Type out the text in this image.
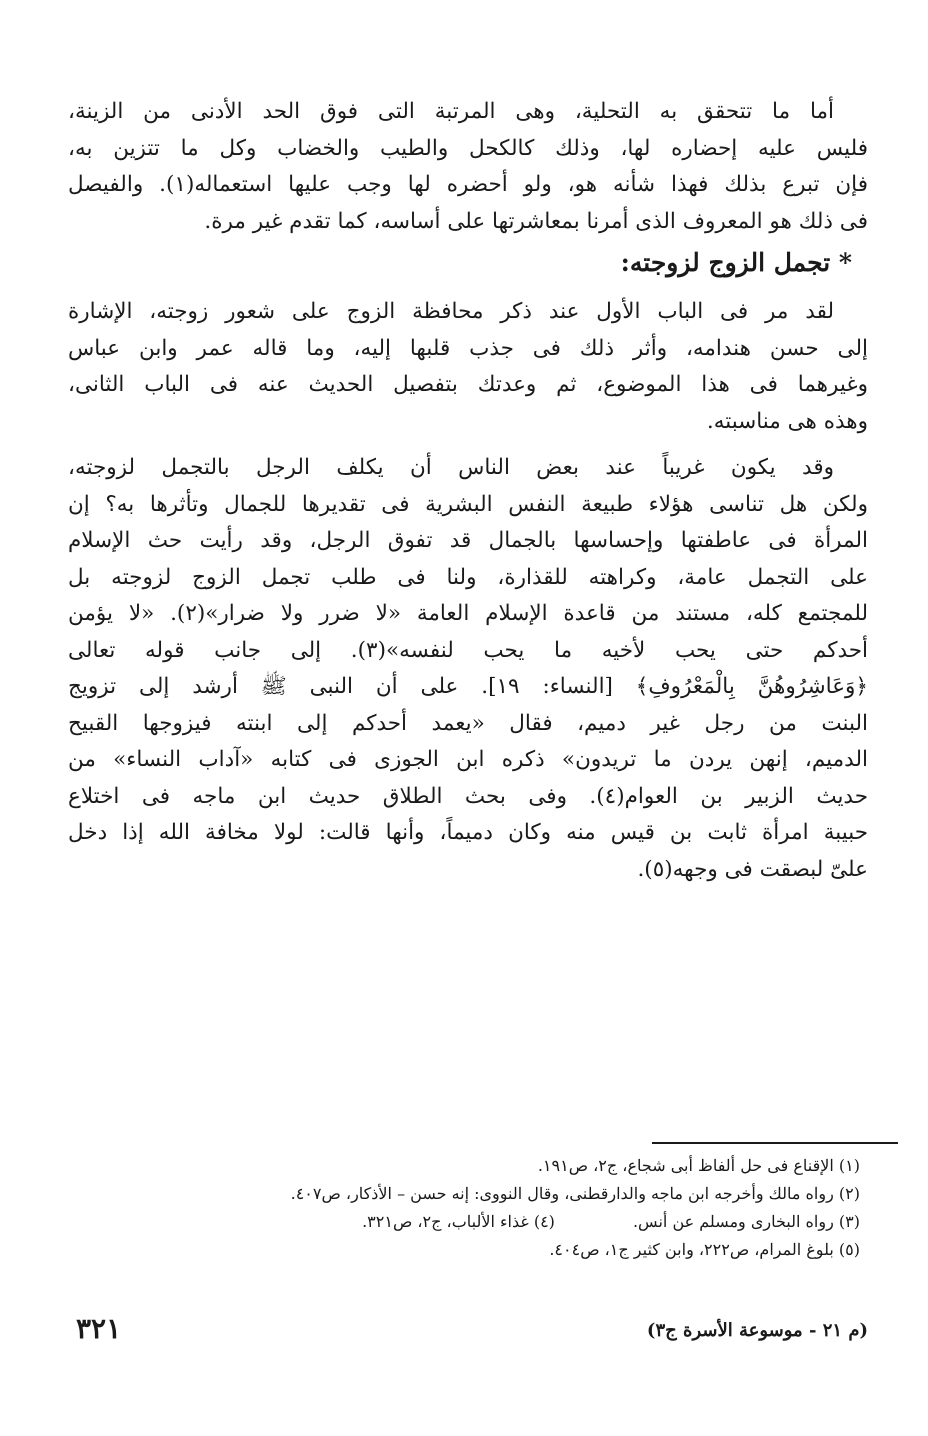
أما ما تتحقق به التحلية، وهى المرتبة التى فوق الحد الأدنى من الزينة،
فليس عليه إحضاره لها، وذلك كالكحل والطيب والخضاب وكل ما تتزين به،
فإن تبرع بذلك فهذا شأنه هو، ولو أحضره لها وجب عليها استعماله(١). والفيصل
فى ذلك هو المعروف الذى أمرنا بمعاشرتها على أساسه، كما تقدم غير مرة.
* تجمل الزوج لزوجته:
لقد مر فى الباب الأول عند ذكر محافظة الزوج على شعور زوجته، الإشارة
إلى حسن هندامه، وأثر ذلك فى جذب قلبها إليه، وما قاله عمر وابن عباس
وغيرهما فى هذا الموضوع، ثم وعدتك بتفصيل الحديث عنه فى الباب الثانى،
وهذه هى مناسبته.
وقد يكون غريباً عند بعض الناس أن يكلف الرجل بالتجمل لزوجته،
ولكن هل تناسى هؤلاء طبيعة النفس البشرية فى تقديرها للجمال وتأثرها به؟ إن
المرأة فى عاطفتها وإحساسها بالجمال قد تفوق الرجل، وقد رأيت حث الإسلام
على التجمل عامة، وكراهته للقذارة، ولنا فى طلب تجمل الزوج لزوجته بل
للمجتمع كله، مستند من قاعدة الإسلام العامة «لا ضرر ولا ضرار»(٢). «لا يؤمن
أحدكم حتى يحب لأخيه ما يحب لنفسه»(٣). إلى جانب قوله تعالى
﴿وَعَاشِرُوهُنَّ بِالْمَعْرُوفِ﴾ [النساء: ١٩]. على أن النبى ﷺ أرشد إلى تزويج
البنت من رجل غير دميم، فقال «يعمد أحدكم إلى ابنته فيزوجها القبيح
الدميم، إنهن يردن ما تريدون» ذكره ابن الجوزى فى كتابه «آداب النساء» من
حديث الزبير بن العوام(٤). وفى بحث الطلاق حديث ابن ماجه فى اختلاع
حبيبة امرأة ثابت بن قيس منه وكان دميماً، وأنها قالت: لولا مخافة الله إذا دخل
علىّ لبصقت فى وجهه(٥).
(١) الإقناع فى حل ألفاظ أبى شجاع، ج٢، ص١٩١.
(٢) رواه مالك وأخرجه ابن ماجه والدارقطنى، وقال النووى: إنه حسن – الأذكار، ص٤٠٧.
(٣) رواه البخارى ومسلم عن أنس. (٤) غذاء الألباب، ج٢، ص٣٢١.
(٥) بلوغ المرام، ص٢٢٢، وابن كثير ج١، ص٤٠٤.
(م ٢١ - موسوعة الأسرة ج٣)
٣٢١
